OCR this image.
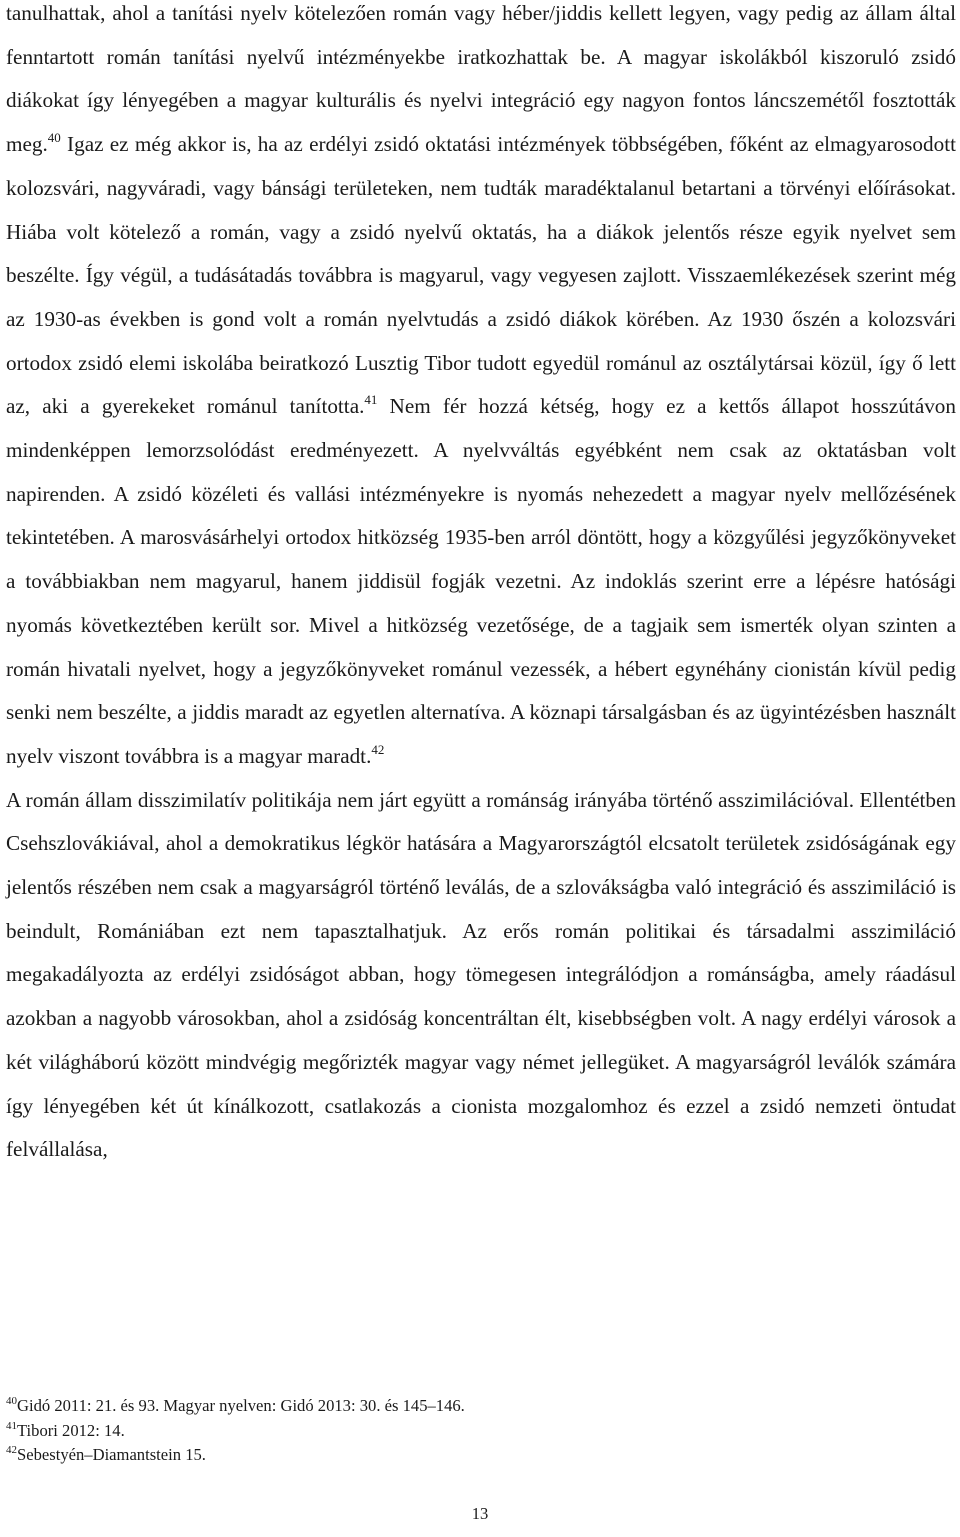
tanulhattak, ahol a tanítási nyelv kötelezően román vagy héber/jiddis kellett legyen, vagy pedig az állam által fenntartott román tanítási nyelvű intézményekbe iratkozhattak be. A magyar iskolákból kiszoruló zsidó diákokat így lényegében a magyar kulturális és nyelvi integráció egy nagyon fontos láncszemétől fosztották meg.$^{40}$ Igaz ez még akkor is, ha az erdélyi zsidó oktatási intézmények többségében, főként az elmagyarosodott kolozsvári, nagyváradi, vagy bánsági területeken, nem tudták maradéktalanul betartani a törvényi előírásokat. Hiába volt kötelező a román, vagy a zsidó nyelvű oktatás, ha a diákok jelentős része egyik nyelvet sem beszélte. Így végül, a tudásátadás továbbra is magyarul, vagy vegyesen zajlott. Visszaemlékezések szerint még az 1930-as években is gond volt a román nyelvtudás a zsidó diákok körében. Az 1930 őszén a kolozsvári ortodox zsidó elemi iskolába beiratkozó Lusztig Tibor tudott egyedül románul az osztálytársai közül, így ő lett az, aki a gyerekeket románul tanította.$^{41}$ Nem fér hozzá kétség, hogy ez a kettős állapot hosszútávon mindenképpen lemorzsolódást eredményezett. A nyelvváltás egyébként nem csak az oktatásban volt napirenden. A zsidó közéleti és vallási intézményekre is nyomás nehezedett a magyar nyelv mellőzésének tekintetében. A marosvásárhelyi ortodox hitközség 1935-ben arról döntött, hogy a közgyűlési jegyzőkönyveket a továbbiakban nem magyarul, hanem jiddisül fogják vezetni. Az indoklás szerint erre a lépésre hatósági nyomás következtében került sor. Mivel a hitközség vezetősége, de a tagjaik sem ismerték olyan szinten a román hivatali nyelvet, hogy a jegyzőkönyveket románul vezessék, a hébert egynéhány cionistán kívül pedig senki nem beszélte, a jiddis maradt az egyetlen alternatíva. A köznapi társalgásban és az ügyintézésben használt nyelv viszont továbbra is a magyar maradt.$^{42}$

A román állam disszimilatív politikája nem járt együtt a románság irányába történő asszimilációval. Ellentétben Csehszlovákiával, ahol a demokratikus légkör hatására a Magyarországtól elcsatolt területek zsidóságának egy jelentős részében nem csak a magyarságról történő leválás, de a szlovákságba való integráció és asszimiláció is beindult, Romániában ezt nem tapasztalhatjuk. Az erős román politikai és társadalmi asszimiláció megakadályozta az erdélyi zsidóságot abban, hogy tömegesen integrálódjon a románságba, amely ráadásul azokban a nagyobb városokban, ahol a zsidóság koncentráltan élt, kisebbségben volt. A nagy erdélyi városok a két világháború között mindvégig megőrizték magyar vagy német jellegüket. A magyarságról leválók számára így lényegében két út kínálkozott, csatlakozás a cionista mozgalomhoz és ezzel a zsidó nemzeti öntudat felvállalása,

$^{40}$Gidó 2011: 21. és 93. Magyar nyelven: Gidó 2013: 30. és 145–146.
$^{41}$Tibori 2012: 14.
$^{42}$Sebestyén–Diamantstein 15.
13
